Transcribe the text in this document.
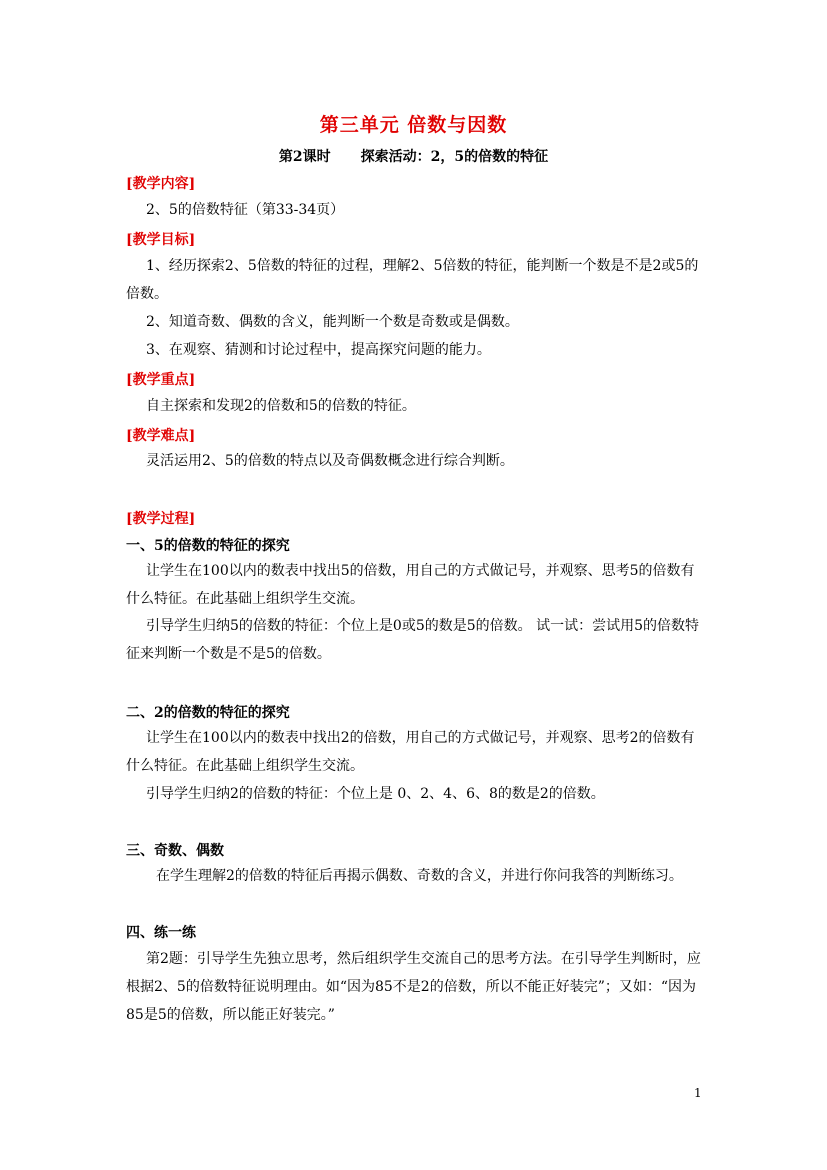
第三单元 倍数与因数
第2课时 探索活动：2，5的倍数的特征
[教学内容]
2、5的倍数特征（第33-34页）
[教学目标]
1、经历探索2、5倍数的特征的过程，理解2、5倍数的特征，能判断一个数是不是2或5的倍数。
2、知道奇数、偶数的含义，能判断一个数是奇数或是偶数。
3、在观察、猜测和讨论过程中，提高探究问题的能力。
[教学重点]
自主探索和发现2的倍数和5的倍数的特征。
[教学难点]
灵活运用2、5的倍数的特点以及奇偶数概念进行综合判断。
[教学过程]
一、5的倍数的特征的探究
让学生在100以内的数表中找出5的倍数，用自己的方式做记号，并观察、思考5的倍数有什么特征。在此基础上组织学生交流。
引导学生归纳5的倍数的特征：个位上是0或5的数是5的倍数。 试一试：尝试用5的倍数特征来判断一个数是不是5的倍数。
二、2的倍数的特征的探究
让学生在100以内的数表中找出2的倍数，用自己的方式做记号，并观察、思考2的倍数有什么特征。在此基础上组织学生交流。
引导学生归纳2的倍数的特征：个位上是 0、2、4、6、8的数是2的倍数。
三、奇数、偶数
在学生理解2的倍数的特征后再揭示偶数、奇数的含义，并进行你问我答的判断练习。
四、练一练
第2题：引导学生先独立思考，然后组织学生交流自己的思考方法。在引导学生判断时，应根据2、5的倍数特征说明理由。如“因为85不是2的倍数，所以不能正好装完”；又如：“因为85是5的倍数，所以能正好装完。”
1
